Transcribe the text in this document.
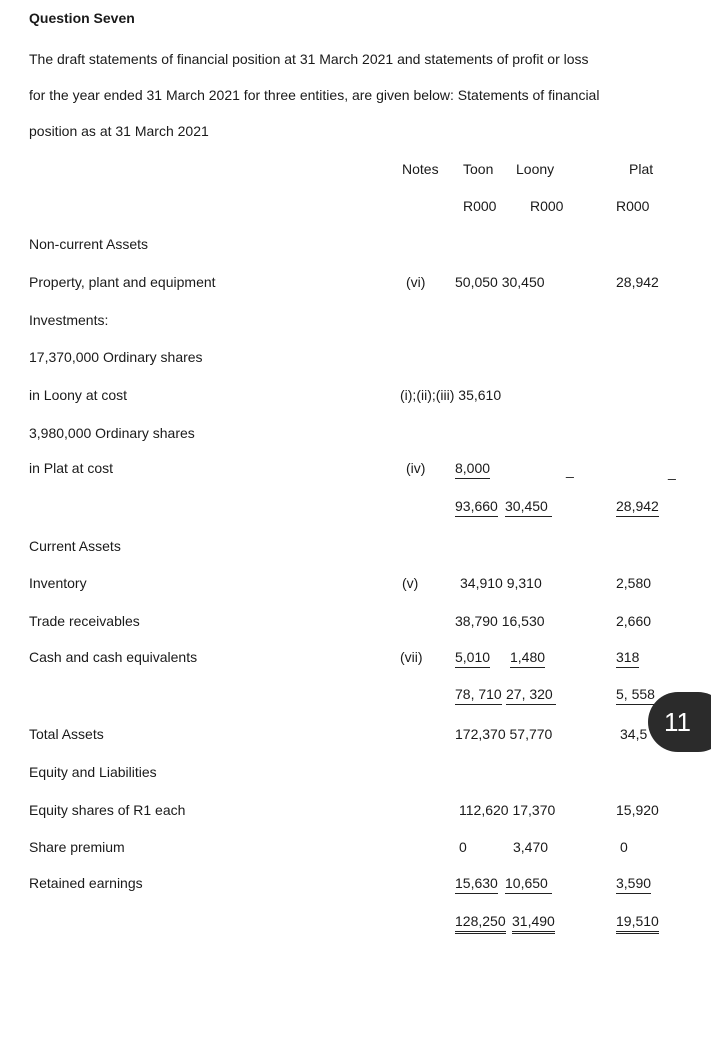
Question Seven
The draft statements of financial position at 31 March 2021 and statements of profit or loss
for the year ended 31 March 2021 for three entities, are given below: Statements of financial
position as at 31 March 2021
Notes Toon Loony	Plat
R000 R000	R000
Non-current Assets
Property, plant and equipment	(vi) 50,050 30,450	28,942
Investments:
17,370,000 Ordinary shares
in Loony at cost	(i);(ii);(iii) 35,610
3,980,000 Ordinary shares
in Plat at cost	(iv) 8,000	_	_
93,660 30,450	28,942
Current Assets
Inventory	(v)	34,910 9,310	2,580
Trade receivables	38,790 16,530	2,660
Cash and cash equivalents	(vii) 5,010 1,480	318
78, 710 27, 320	5, 558
Total Assets	172,370 57,770	34,5 11
Equity and Liabilities
Equity shares of R1 each	112,620 17,370	15,920
Share premium	0	3,470	0
Retained earnings	15,630 10,650	3,590
128,250 31,490	19,510
